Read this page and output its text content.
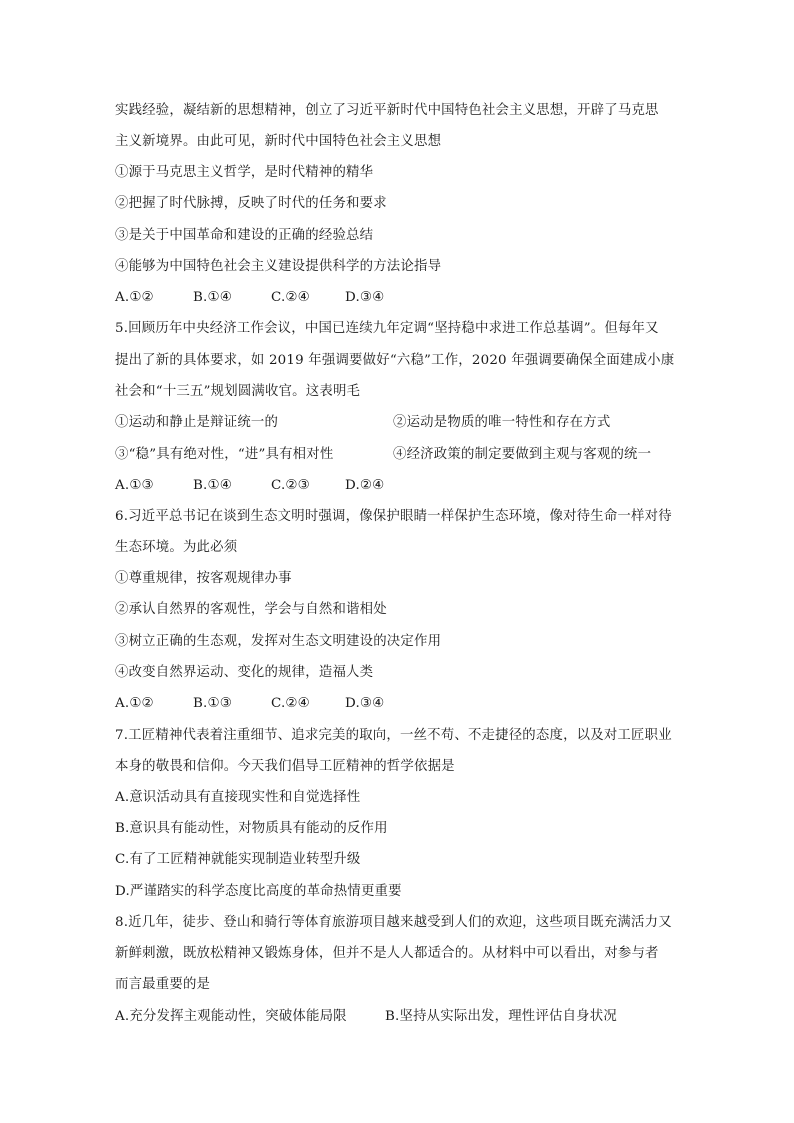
实践经验，凝结新的思想精神，创立了习近平新时代中国特色社会主义思想，开辟了马克思
主义新境界。由此可见，新时代中国特色社会主义思想
①源于马克思主义哲学，是时代精神的精华
②把握了时代脉搏，反映了时代的任务和要求
③是关于中国革命和建设的正确的经验总结
④能够为中国特色社会主义建设提供科学的方法论指导
A.①②	B.①④	C.②④	D.③④
5.回顾历年中央经济工作会议，中国已连续九年定调“坚持稳中求进工作总基调”。但每年又
提出了新的具体要求，如 2019 年强调要做好“六稳”工作，2020 年强调要确保全面建成小康
社会和“十三五”规划圆满收官。这表明毛
①运动和静止是辩证统一的	②运动是物质的唯一特性和存在方式
③“稳”具有绝对性，“进”具有相对性	④经济政策的制定要做到主观与客观的统一
A.①③	B.①④	C.②③	D.②④
6.习近平总书记在谈到生态文明时强调，像保护眼睛一样保护生态环境，像对待生命一样对待
生态环境。为此必须
①尊重规律，按客观规律办事
②承认自然界的客观性，学会与自然和谐相处
③树立正确的生态观，发挥对生态文明建设的决定作用
④改变自然界运动、变化的规律，造福人类
A.①②	B.①③	C.②④	D.③④
7.工匠精神代表着注重细节、追求完美的取向，一丝不苟、不走捷径的态度，以及对工匠职业
本身的敬畏和信仰。今天我们倡导工匠精神的哲学依据是
A.意识活动具有直接现实性和自觉选择性
B.意识具有能动性，对物质具有能动的反作用
C.有了工匠精神就能实现制造业转型升级
D.严谨踏实的科学态度比高度的革命热情更重要
8.近几年，徒步、登山和骑行等体育旅游项目越来越受到人们的欢迎，这些项目既充满活力又
新鲜刺激，既放松精神又锻炼身体，但并不是人人都适合的。从材料中可以看出，对参与者
而言最重要的是
A.充分发挥主观能动性，突破体能局限	B.坚持从实际出发，理性评估自身状况
